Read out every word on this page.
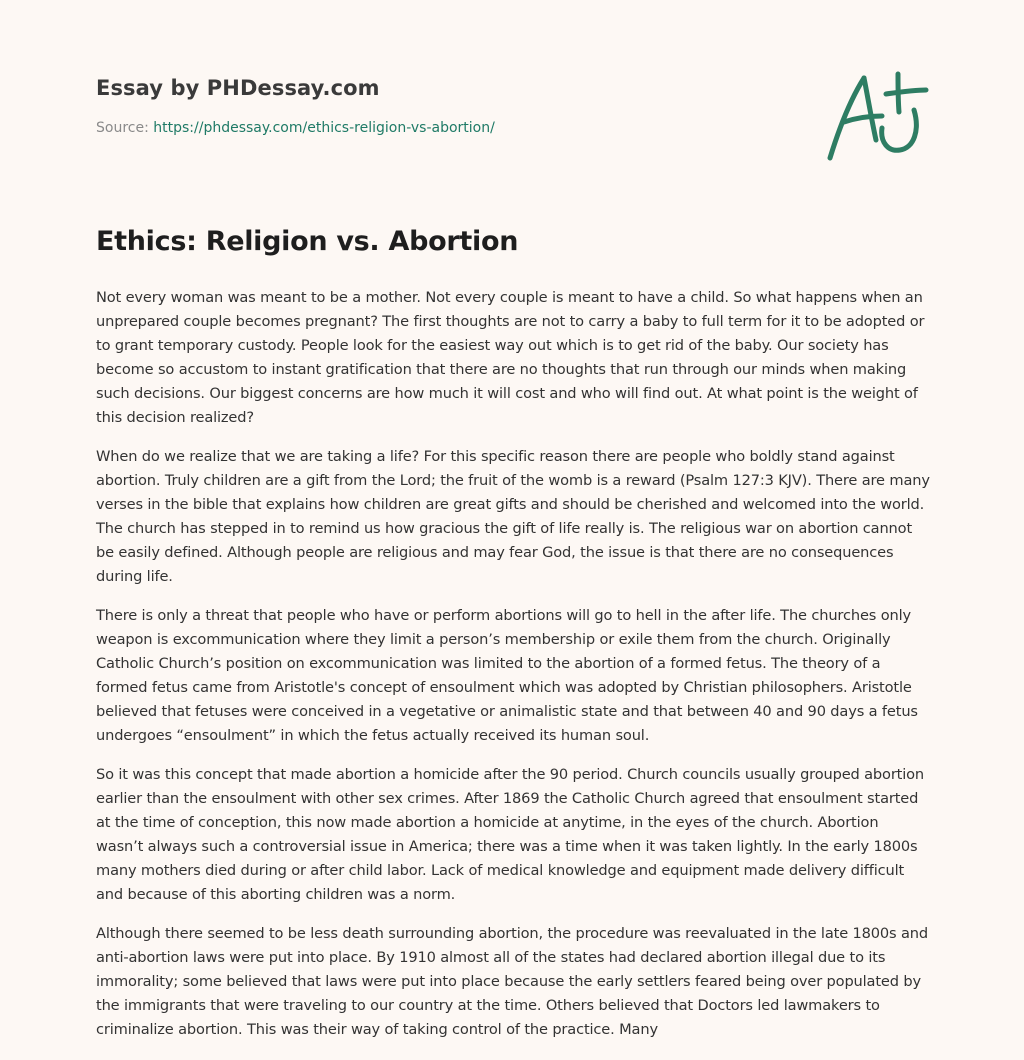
Essay by PHDessay.com
Source: https://phdessay.com/ethics-religion-vs-abortion/
Ethics: Religion vs. Abortion

Not every woman was meant to be a mother. Not every couple is meant to have a child. So what happens when an unprepared couple becomes pregnant? The first thoughts are not to carry a baby to full term for it to be adopted or to grant temporary custody. People look for the easiest way out which is to get rid of the baby. Our society has become so accustom to instant gratification that there are no thoughts that run through our minds when making such decisions. Our biggest concerns are how much it will cost and who will find out. At what point is the weight of this decision realized?

When do we realize that we are taking a life? For this specific reason there are people who boldly stand against abortion. Truly children are a gift from the Lord; the fruit of the womb is a reward (Psalm 127:3 KJV). There are many verses in the bible that explains how children are great gifts and should be cherished and welcomed into the world. The church has stepped in to remind us how gracious the gift of life really is. The religious war on abortion cannot be easily defined. Although people are religious and may fear God, the issue is that there are no consequences during life.

There is only a threat that people who have or perform abortions will go to hell in the after life. The churches only weapon is excommunication where they limit a person’s membership or exile them from the church. Originally Catholic Church’s position on excommunication was limited to the abortion of a formed fetus. The theory of a formed fetus came from Aristotle's concept of ensoulment which was adopted by Christian philosophers. Aristotle believed that fetuses were conceived in a vegetative or animalistic state and that between 40 and 90 days a fetus undergoes “ensoulment” in which the fetus actually received its human soul.

So it was this concept that made abortion a homicide after the 90 period. Church councils usually grouped abortion earlier than the ensoulment with other sex crimes. After 1869 the Catholic Church agreed that ensoulment started at the time of conception, this now made abortion a homicide at anytime, in the eyes of the church. Abortion wasn’t always such a controversial issue in America; there was a time when it was taken lightly. In the early 1800s many mothers died during or after child labor. Lack of medical knowledge and equipment made delivery difficult and because of this aborting children was a norm.

Although there seemed to be less death surrounding abortion, the procedure was reevaluated in the late 1800s and anti-abortion laws were put into place. By 1910 almost all of the states had declared abortion illegal due to its immorality; some believed that laws were put into place because the early settlers feared being over populated by the immigrants that were traveling to our country at the time. Others believed that Doctors led lawmakers to criminalize abortion. This was their way of taking control of the practice. Many
